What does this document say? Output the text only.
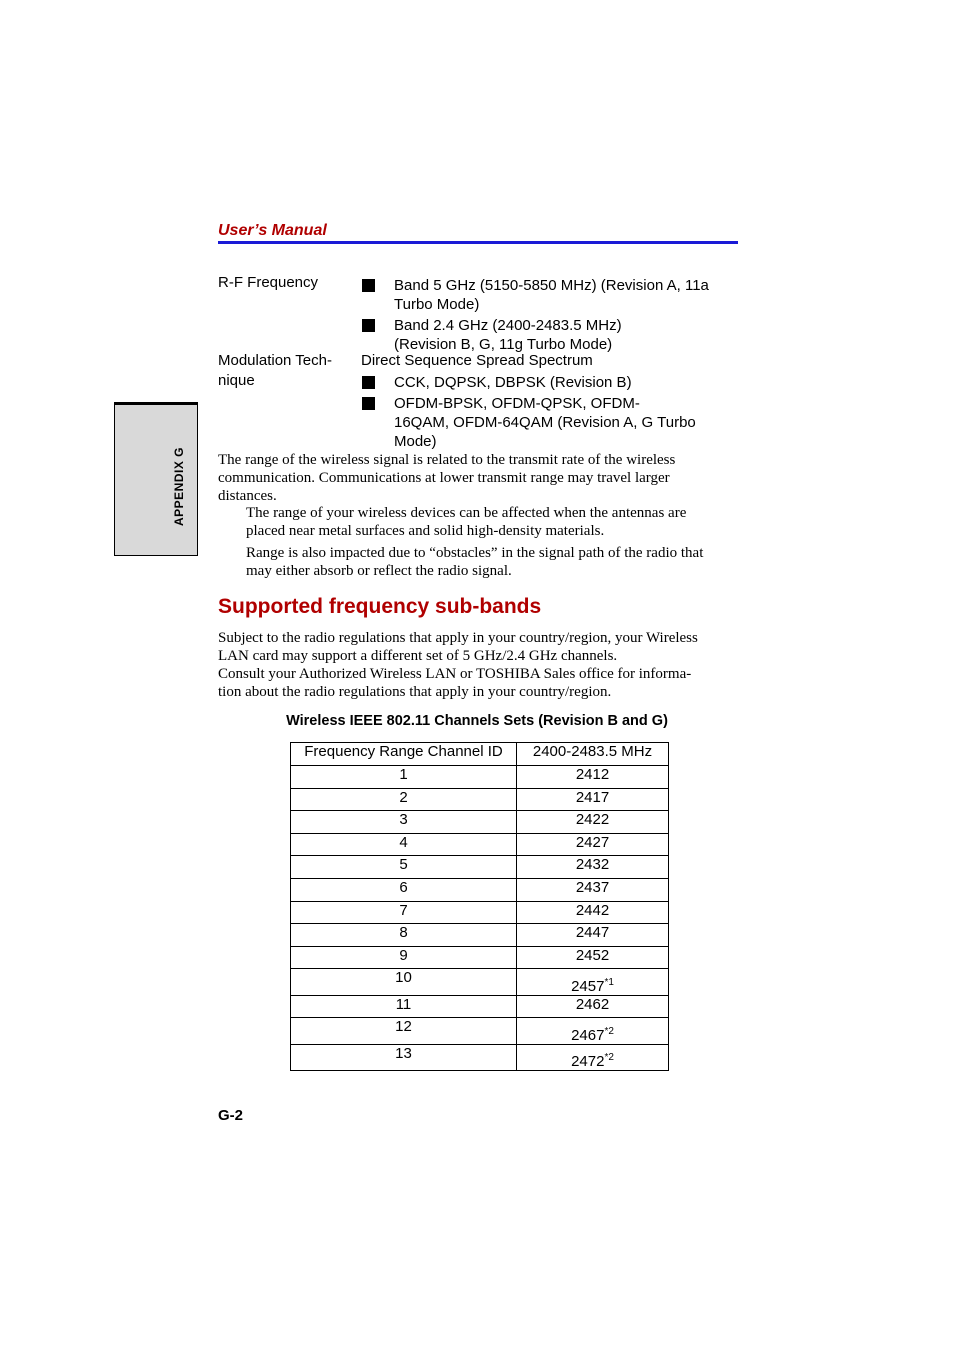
User’s Manual
APPENDIX G
R-F Frequency	Band 5 GHz (5150-5850 MHz) (Revision A, 11a
Turbo Mode)
Band 2.4 GHz (2400-2483.5 MHz)
(Revision B, G, 11g Turbo Mode)
Modulation Tech-
nique
Direct Sequence Spread Spectrum
CCK, DQPSK, DBPSK (Revision B)
OFDM-BPSK, OFDM-QPSK, OFDM-
16QAM, OFDM-64QAM (Revision A, G Turbo
Mode)
The range of the wireless signal is related to the transmit rate of the wireless
communication. Communications at lower transmit range may travel larger
distances.
The range of your wireless devices can be affected when the antennas are
placed near metal surfaces and solid high-density materials.
Range is also impacted due to “obstacles” in the signal path of the radio that
may either absorb or reflect the radio signal.
Supported frequency sub-bands
Subject to the radio regulations that apply in your country/region, your Wireless
LAN card may support a different set of 5 GHz/2.4 GHz channels.
Consult your Authorized Wireless LAN or TOSHIBA Sales office for informa-
tion about the radio regulations that apply in your country/region.
Wireless IEEE 802.11 Channels Sets (Revision B and G)
Frequency Range Channel ID	2400-2483.5 MHz
1	2412
2	2417
3	2422
4	2427
5	2432
6	2437
7	2442
8	2447
9	2452
10	2457$^{*1}$
11	2462
12	2467$^{*2}$
13	2472$^{*2}$
G-2
